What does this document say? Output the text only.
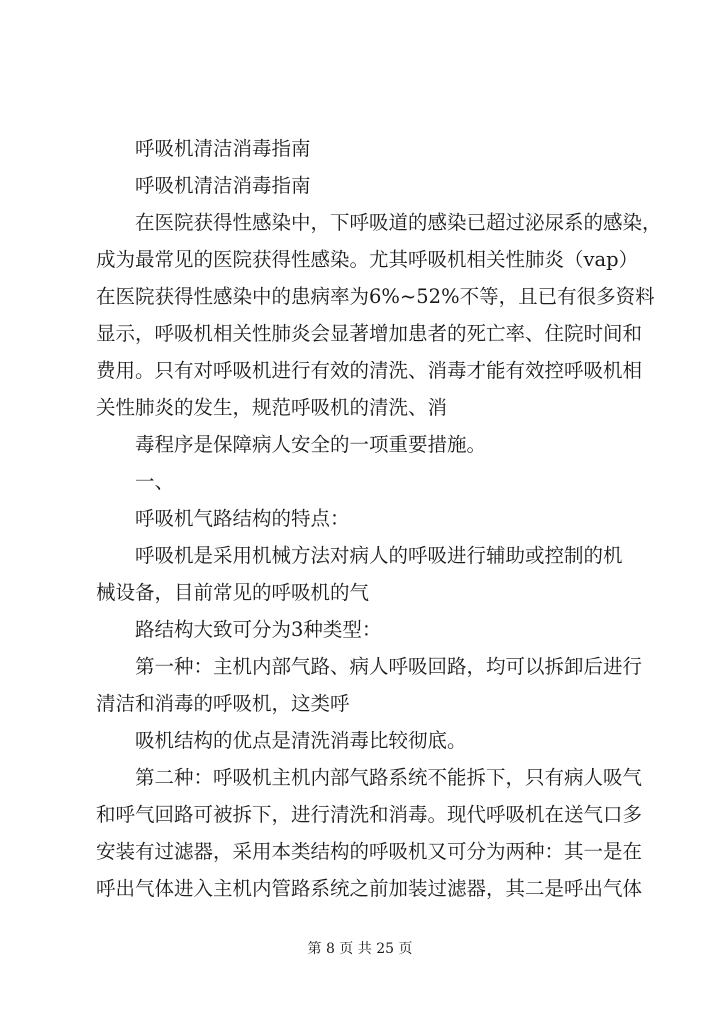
呼吸机清洁消毒指南
呼吸机清洁消毒指南
在医院获得性感染中，下呼吸道的感染已超过泌尿系的感染，
成为最常见的医院获得性感染。尤其呼吸机相关性肺炎（vap）
在医院获得性感染中的患病率为6%~52%不等，且已有很多资料
显示，呼吸机相关性肺炎会显著增加患者的死亡率、住院时间和
费用。只有对呼吸机进行有效的清洗、消毒才能有效控呼吸机相
关性肺炎的发生，规范呼吸机的清洗、消
毒程序是保障病人安全的一项重要措施。
一、
呼吸机气路结构的特点：
呼吸机是采用机械方法对病人的呼吸进行辅助或控制的机
械设备，目前常见的呼吸机的气
路结构大致可分为3种类型：
第一种：主机内部气路、病人呼吸回路，均可以拆卸后进行
清洁和消毒的呼吸机，这类呼
吸机结构的优点是清洗消毒比较彻底。
第二种：呼吸机主机内部气路系统不能拆下，只有病人吸气
和呼气回路可被拆下，进行清洗和消毒。现代呼吸机在送气口多
安装有过滤器，采用本类结构的呼吸机又可分为两种：其一是在
呼出气体进入主机内管路系统之前加装过滤器，其二是呼出气体
第 8 页 共 25 页
